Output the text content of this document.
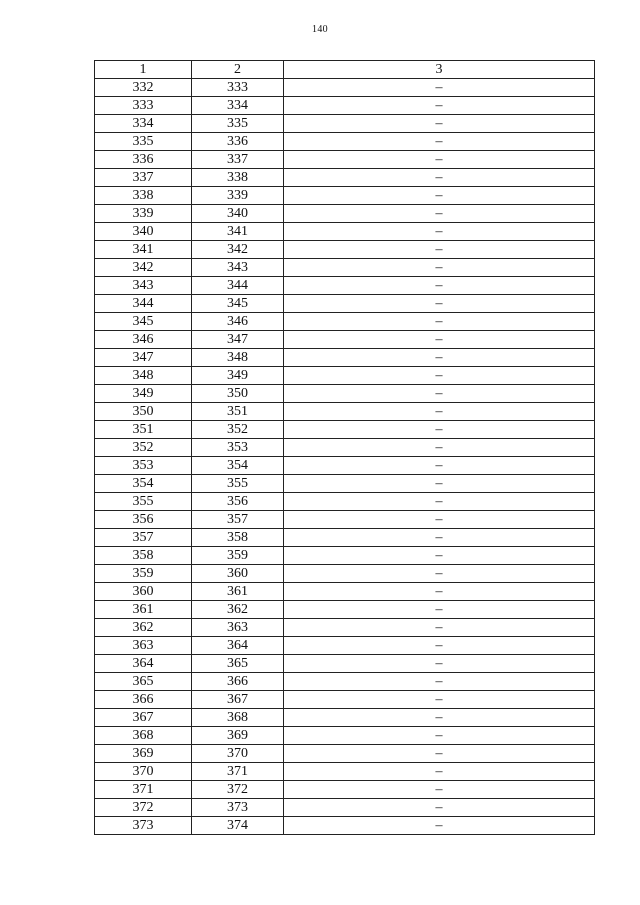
140
1	2	3
332	333	–
333	334	–
334	335	–
335	336	–
336	337	–
337	338	–
338	339	–
339	340	–
340	341	–
341	342	–
342	343	–
343	344	–
344	345	–
345	346	–
346	347	–
347	348	–
348	349	–
349	350	–
350	351	–
351	352	–
352	353	–
353	354	–
354	355	–
355	356	–
356	357	–
357	358	–
358	359	–
359	360	–
360	361	–
361	362	–
362	363	–
363	364	–
364	365	–
365	366	–
366	367	–
367	368	–
368	369	–
369	370	–
370	371	–
371	372	–
372	373	–
373	374	–
